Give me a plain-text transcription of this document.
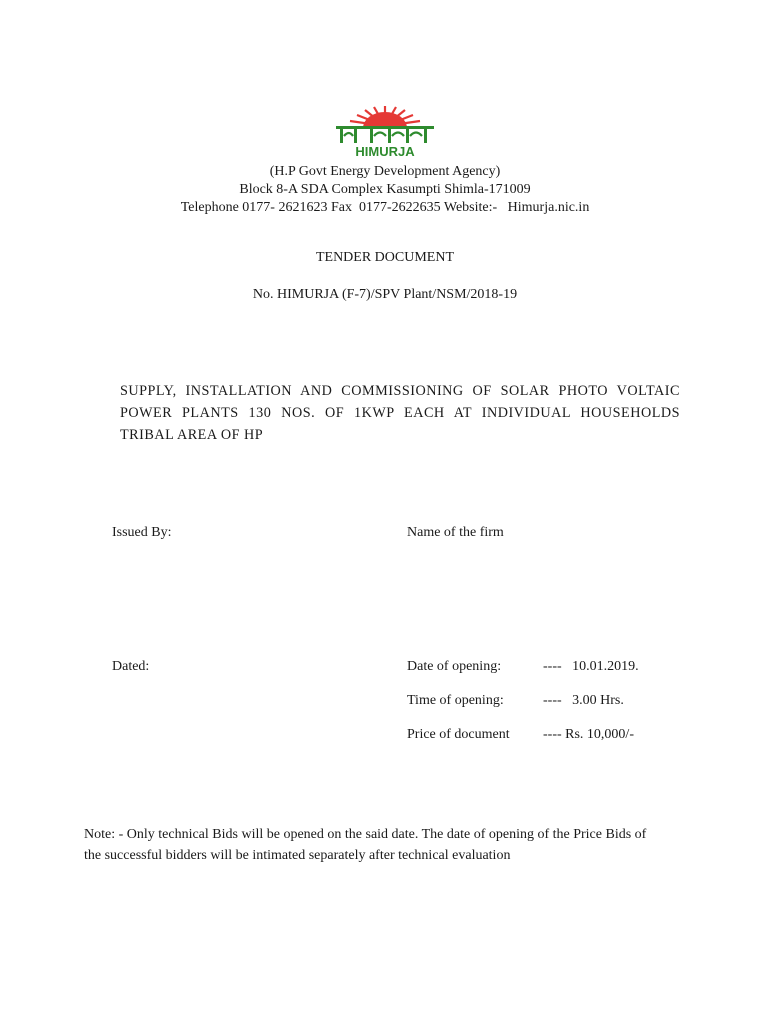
HIMURJA
(H.P Govt Energy Development Agency)
Block 8-A SDA Complex Kasumpti Shimla-171009
Telephone 0177- 2621623 Fax  0177-2622635 Website:-   Himurja.nic.in
TENDER DOCUMENT
No. HIMURJA (F-7)/SPV Plant/NSM/2018-19
SUPPLY, INSTALLATION AND COMMISSIONING OF SOLAR PHOTO VOLTAIC
POWER PLANTS 130 NOS. OF 1KWP EACH AT INDIVIDUAL HOUSEHOLDS
TRIBAL AREA OF HP
Issued By:	Name of the firm
Dated:	Date of opening:	----   10.01.2019.
Time of opening:	----   3.00 Hrs.
Price of document ---- Rs. 10,000/-
Note: - Only technical Bids will be opened on the said date. The date of opening of the Price Bids of
the successful bidders will be intimated separately after technical evaluation
